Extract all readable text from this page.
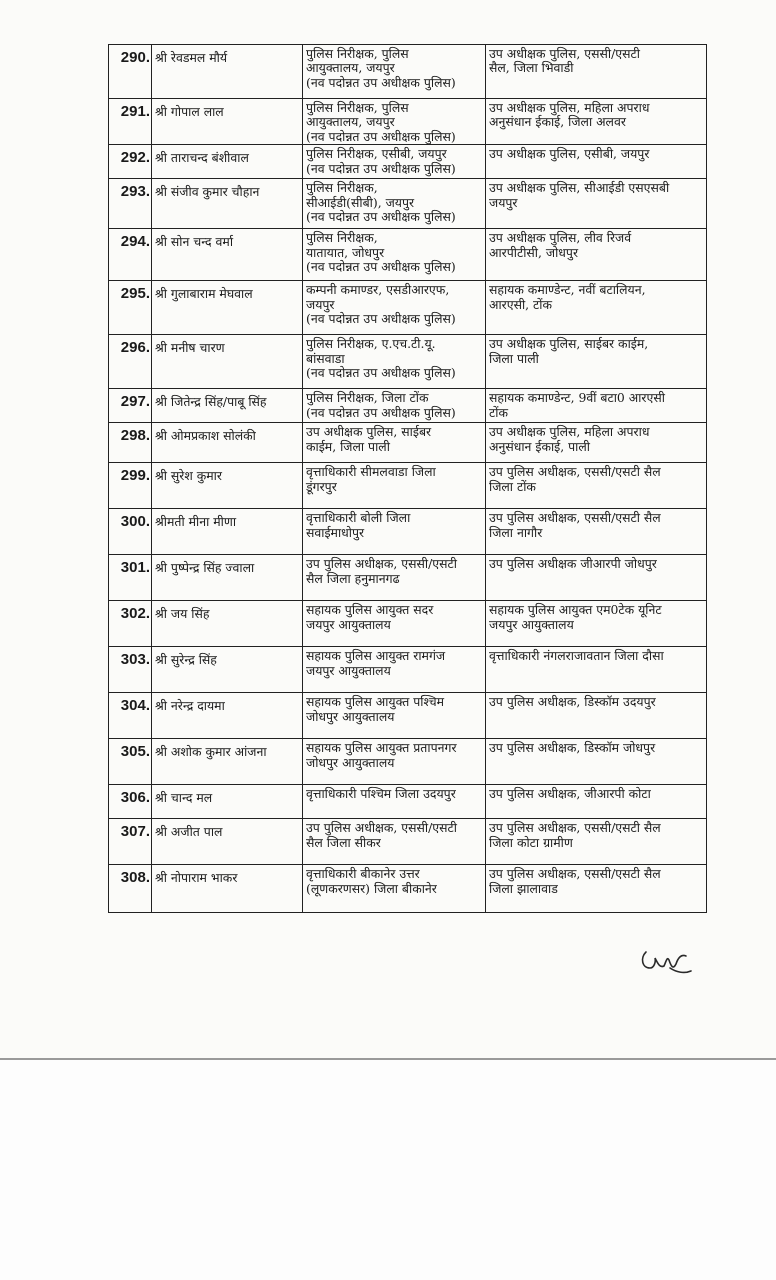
290.	श्री रेवडमल मौर्य	पुलिस निरीक्षक, पुलिस
आयुक्तालय, जयपुर
(नव पदोन्नत उप अधीक्षक पुलिस)	उप अधीक्षक पुलिस, एससी/एसटी
सैल, जिला भिवाडी

291.	श्री गोपाल लाल	पुलिस निरीक्षक, पुलिस
आयुक्तालय, जयपुर
(नव पदोन्नत उप अधीक्षक पुलिस)	उप अधीक्षक पुलिस, महिला अपराध
अनुसंधान ईकाई, जिला अलवर

292.	श्री ताराचन्द बंशीवाल	पुलिस निरीक्षक, एसीबी, जयपुर
(नव पदोन्नत उप अधीक्षक पुलिस)	उप अधीक्षक पुलिस, एसीबी, जयपुर

293.	श्री संजीव कुमार चौहान	पुलिस निरीक्षक,
सीआईडी(सीबी), जयपुर
(नव पदोन्नत उप अधीक्षक पुलिस)	उप अधीक्षक पुलिस, सीआईडी एसएसबी
जयपुर

294.	श्री सोन चन्द वर्मा	पुलिस निरीक्षक,
यातायात, जोधपुर
(नव पदोन्नत उप अधीक्षक पुलिस)	उप अधीक्षक पुलिस, लीव रिजर्व
आरपीटीसी, जोधपुर

295.	श्री गुलाबाराम मेघवाल	कम्पनी कमाण्डर, एसडीआरएफ,
जयपुर
(नव पदोन्नत उप अधीक्षक पुलिस)	सहायक कमाण्डेन्ट, नवीं बटालियन,
आरएसी, टोंक

296.	श्री मनीष चारण	पुलिस निरीक्षक, ए.एच.टी.यू.
बांसवाडा
(नव पदोन्नत उप अधीक्षक पुलिस)	उप अधीक्षक पुलिस, साईबर काईम,
जिला पाली

297.	श्री जितेन्द्र सिंह/पाबू सिंह	पुलिस निरीक्षक, जिला टोंक
(नव पदोन्नत उप अधीक्षक पुलिस)	सहायक कमाण्डेन्ट, 9वीं बटा0 आरएसी
टोंक

298.	श्री ओमप्रकाश सोलंकी	उप अधीक्षक पुलिस, साईबर
काईम, जिला पाली	उप अधीक्षक पुलिस, महिला अपराध
अनुसंधान ईकाई, पाली

299.	श्री सुरेश कुमार	वृत्ताधिकारी सीमलवाडा जिला
डूंगरपुर	उप पुलिस अधीक्षक, एससी/एसटी सैल
जिला टोंक

300.	श्रीमती मीना मीणा	वृत्ताधिकारी बोली जिला
सवाईमाधोपुर	उप पुलिस अधीक्षक, एससी/एसटी सैल
जिला नागौर

301.	श्री पुष्पेन्द्र सिंह ज्वाला	उप पुलिस अधीक्षक, एससी/एसटी
सैल जिला हनुमानगढ	उप पुलिस अधीक्षक जीआरपी जोधपुर

302.	श्री जय सिंह	सहायक पुलिस आयुक्त सदर
जयपुर आयुक्तालय	सहायक पुलिस आयुक्त एम0टेक यूनिट
जयपुर आयुक्तालय

303.	श्री सुरेन्द्र सिंह	सहायक पुलिस आयुक्त रामगंज
जयपुर आयुक्तालय	वृत्ताधिकारी नंगलराजावतान जिला दौसा

304.	श्री नरेन्द्र दायमा	सहायक पुलिस आयुक्त पश्चिम
जोधपुर आयुक्तालय	उप पुलिस अधीक्षक, डिस्कॉम उदयपुर

305.	श्री अशोक कुमार आंजना	सहायक पुलिस आयुक्त प्रतापनगर
जोधपुर आयुक्तालय	उप पुलिस अधीक्षक, डिस्कॉम जोधपुर

306.	श्री चान्द मल	वृत्ताधिकारी पश्चिम जिला उदयपुर	उप पुलिस अधीक्षक, जीआरपी कोटा

307.	श्री अजीत पाल	उप पुलिस अधीक्षक, एससी/एसटी
सैल जिला सीकर	उप पुलिस अधीक्षक, एससी/एसटी सैल
जिला कोटा ग्रामीण

308.	श्री नोपाराम भाकर	वृत्ताधिकारी बीकानेर उत्तर
(लूणकरणसर) जिला बीकानेर	उप पुलिस अधीक्षक, एससी/एसटी सैल
जिला झालावाड
